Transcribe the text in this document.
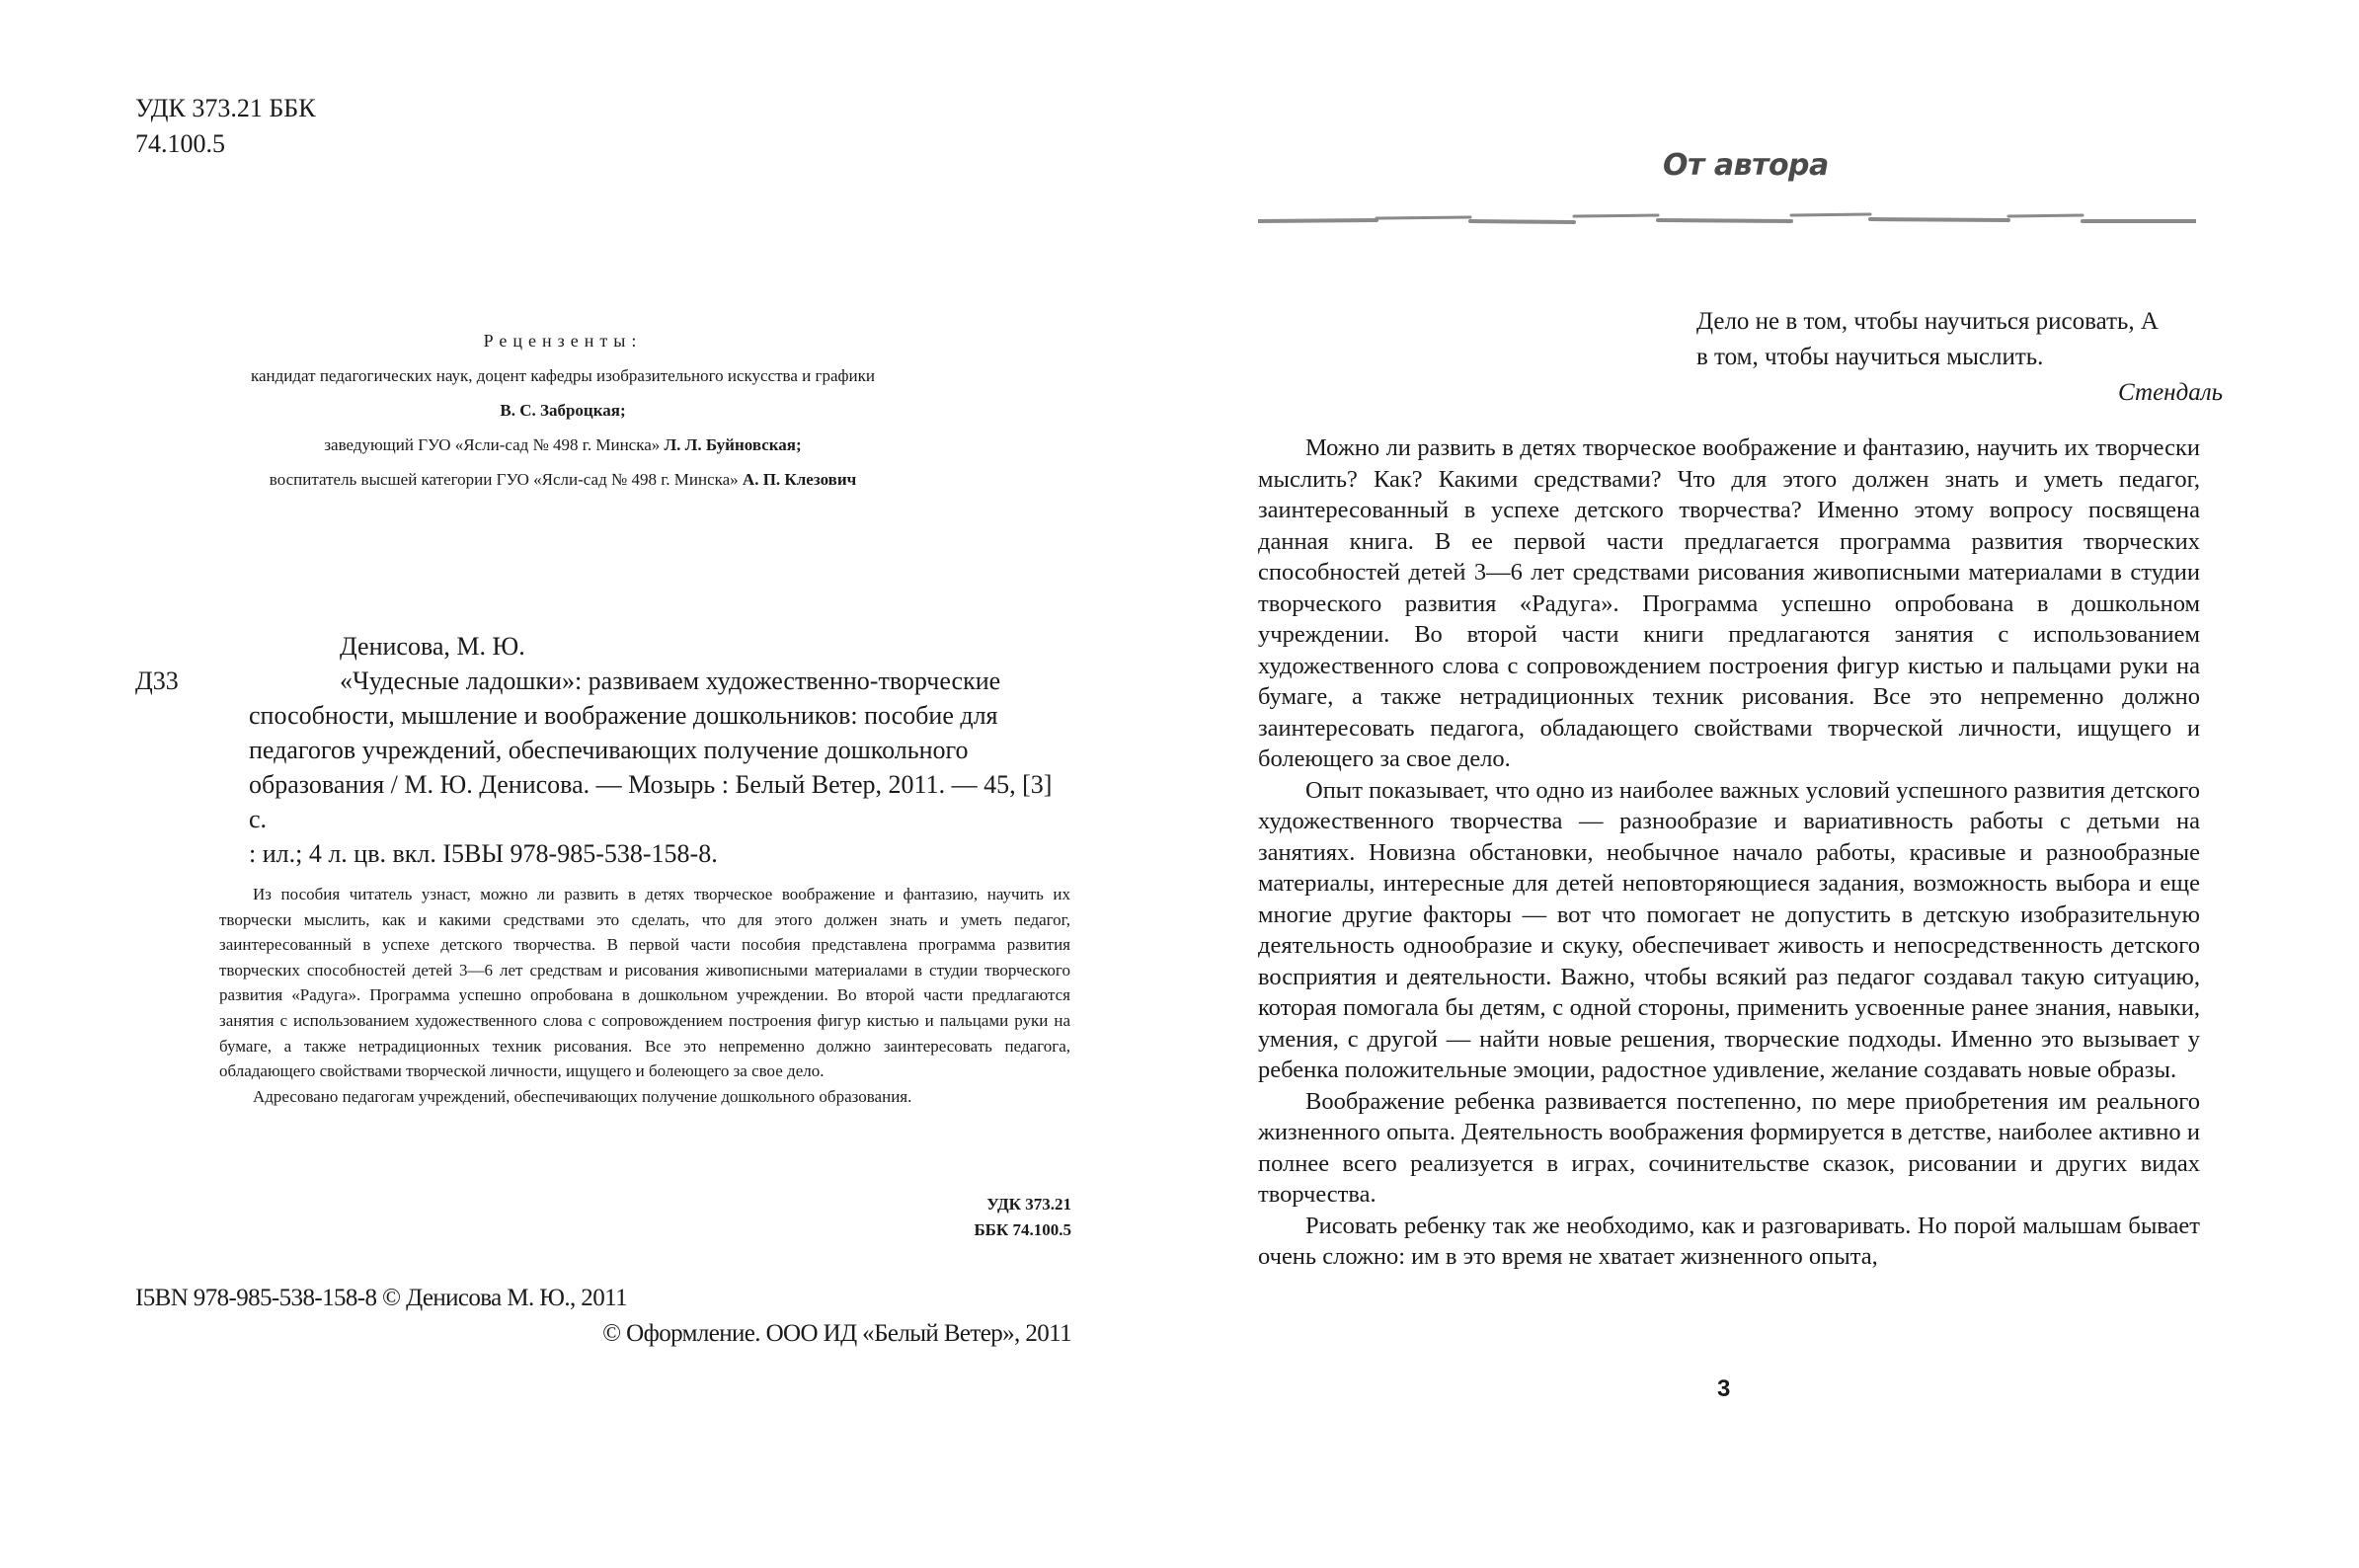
УДК 373.21 ББК
74.100.5
Рецензенты:
кандидат педагогических наук, доцент кафедры изобразительного искусства и графики
В. С. Заброцкая;
заведующий ГУО «Ясли-сад № 498 г. Минска» Л. Л. Буйновская;
воспитатель высшей категории ГУО «Ясли-сад № 498 г. Минска» А. П. Клезович
Денисова, М. Ю.
Д33	«Чудесные ладошки»: развиваем художественно-творческие
способности, мышление и воображение дошкольников: пособие для
педагогов учреждений, обеспечивающих получение дошкольного
образования / М. Ю. Денисова. — Мозырь : Белый Ветер, 2011. — 45, [3] с.
: ил.; 4 л. цв. вкл. I5ВЫ 978-985-538-158-8.

Из пособия читатель узнаст, можно ли развить в детях творческое воображение и фантазию, научить их творчески мыслить, как и какими средствами это сделать, что для этого должен знать и уметь педагог, заинтересованный в успехе детского творчества. В первой части пособия представлена программа развития творческих способностей детей 3—6 лет средствам и рисования живописными материалами в студии творческого развития «Радуга». Программа успешно опробована в дошкольном учреждении. Во второй части предлагаются занятия с использованием художественного слова с сопровождением построения фигур кистью и пальцами руки на бумаге, а также нетрадиционных техник рисования. Все это непременно должно заинтересовать педагога, обладающего свойствами творческой личности, ищущего и болеющего за свое дело.

Адресовано педагогам учреждений, обеспечивающих получение дошкольного образования.

УДК 373.21
ББК 74.100.5
I5BN 978-985-538-158-8 © Денисова М. Ю., 2011
© Оформление. ООО ИД «Белый Ветер», 2011
От автора
Дело не в том, чтобы научиться рисовать, А
в том, чтобы научиться мыслить.
Стендаль

Можно ли развить в детях творческое воображение и фантазию, научить их творчески мыслить? Как? Какими средствами? Что для этого должен знать и уметь педагог, заинтересованный в успехе детского творчества? Именно этому вопросу посвящена данная книга. В ее первой части предлагается программа развития творческих способностей детей 3—6 лет средствами рисования живописными материалами в студии творческого развития «Радуга». Программа успешно опробована в дошкольном учреждении. Во второй части книги предлагаются занятия с использованием художественного слова с сопровождением построения фигур кистью и пальцами руки на бумаге, а также нетрадиционных техник рисования. Все это непременно должно заинтересовать педагога, обладающего свойствами творческой личности, ищущего и болеющего за свое дело.

Опыт показывает, что одно из наиболее важных условий успешного развития детского художественного творчества — разнообразие и вариативность работы с детьми на занятиях. Новизна обстановки, необычное начало работы, красивые и разнообразные материалы, интересные для детей неповторяющиеся задания, возможность выбора и еще многие другие факторы — вот что помогает не допустить в детскую изобразительную деятельность однообразие и скуку, обеспечивает живость и непосредственность детского восприятия и деятельности. Важно, чтобы всякий раз педагог создавал такую ситуацию, которая помогала бы детям, с одной стороны, применить усвоенные ранее знания, навыки, умения, с другой — найти новые решения, творческие подходы. Именно это вызывает у ребенка положительные эмоции, радостное удивление, желание создавать новые образы.

Воображение ребенка развивается постепенно, по мере приобретения им реального жизненного опыта. Деятельность воображения формируется в детстве, наиболее активно и полнее всего реализуется в играх, сочинительстве сказок, рисовании и других видах творчества.

Рисовать ребенку так же необходимо, как и разговаривать. Но порой малышам бывает очень сложно: им в это время не хватает жизненного опыта,

3
